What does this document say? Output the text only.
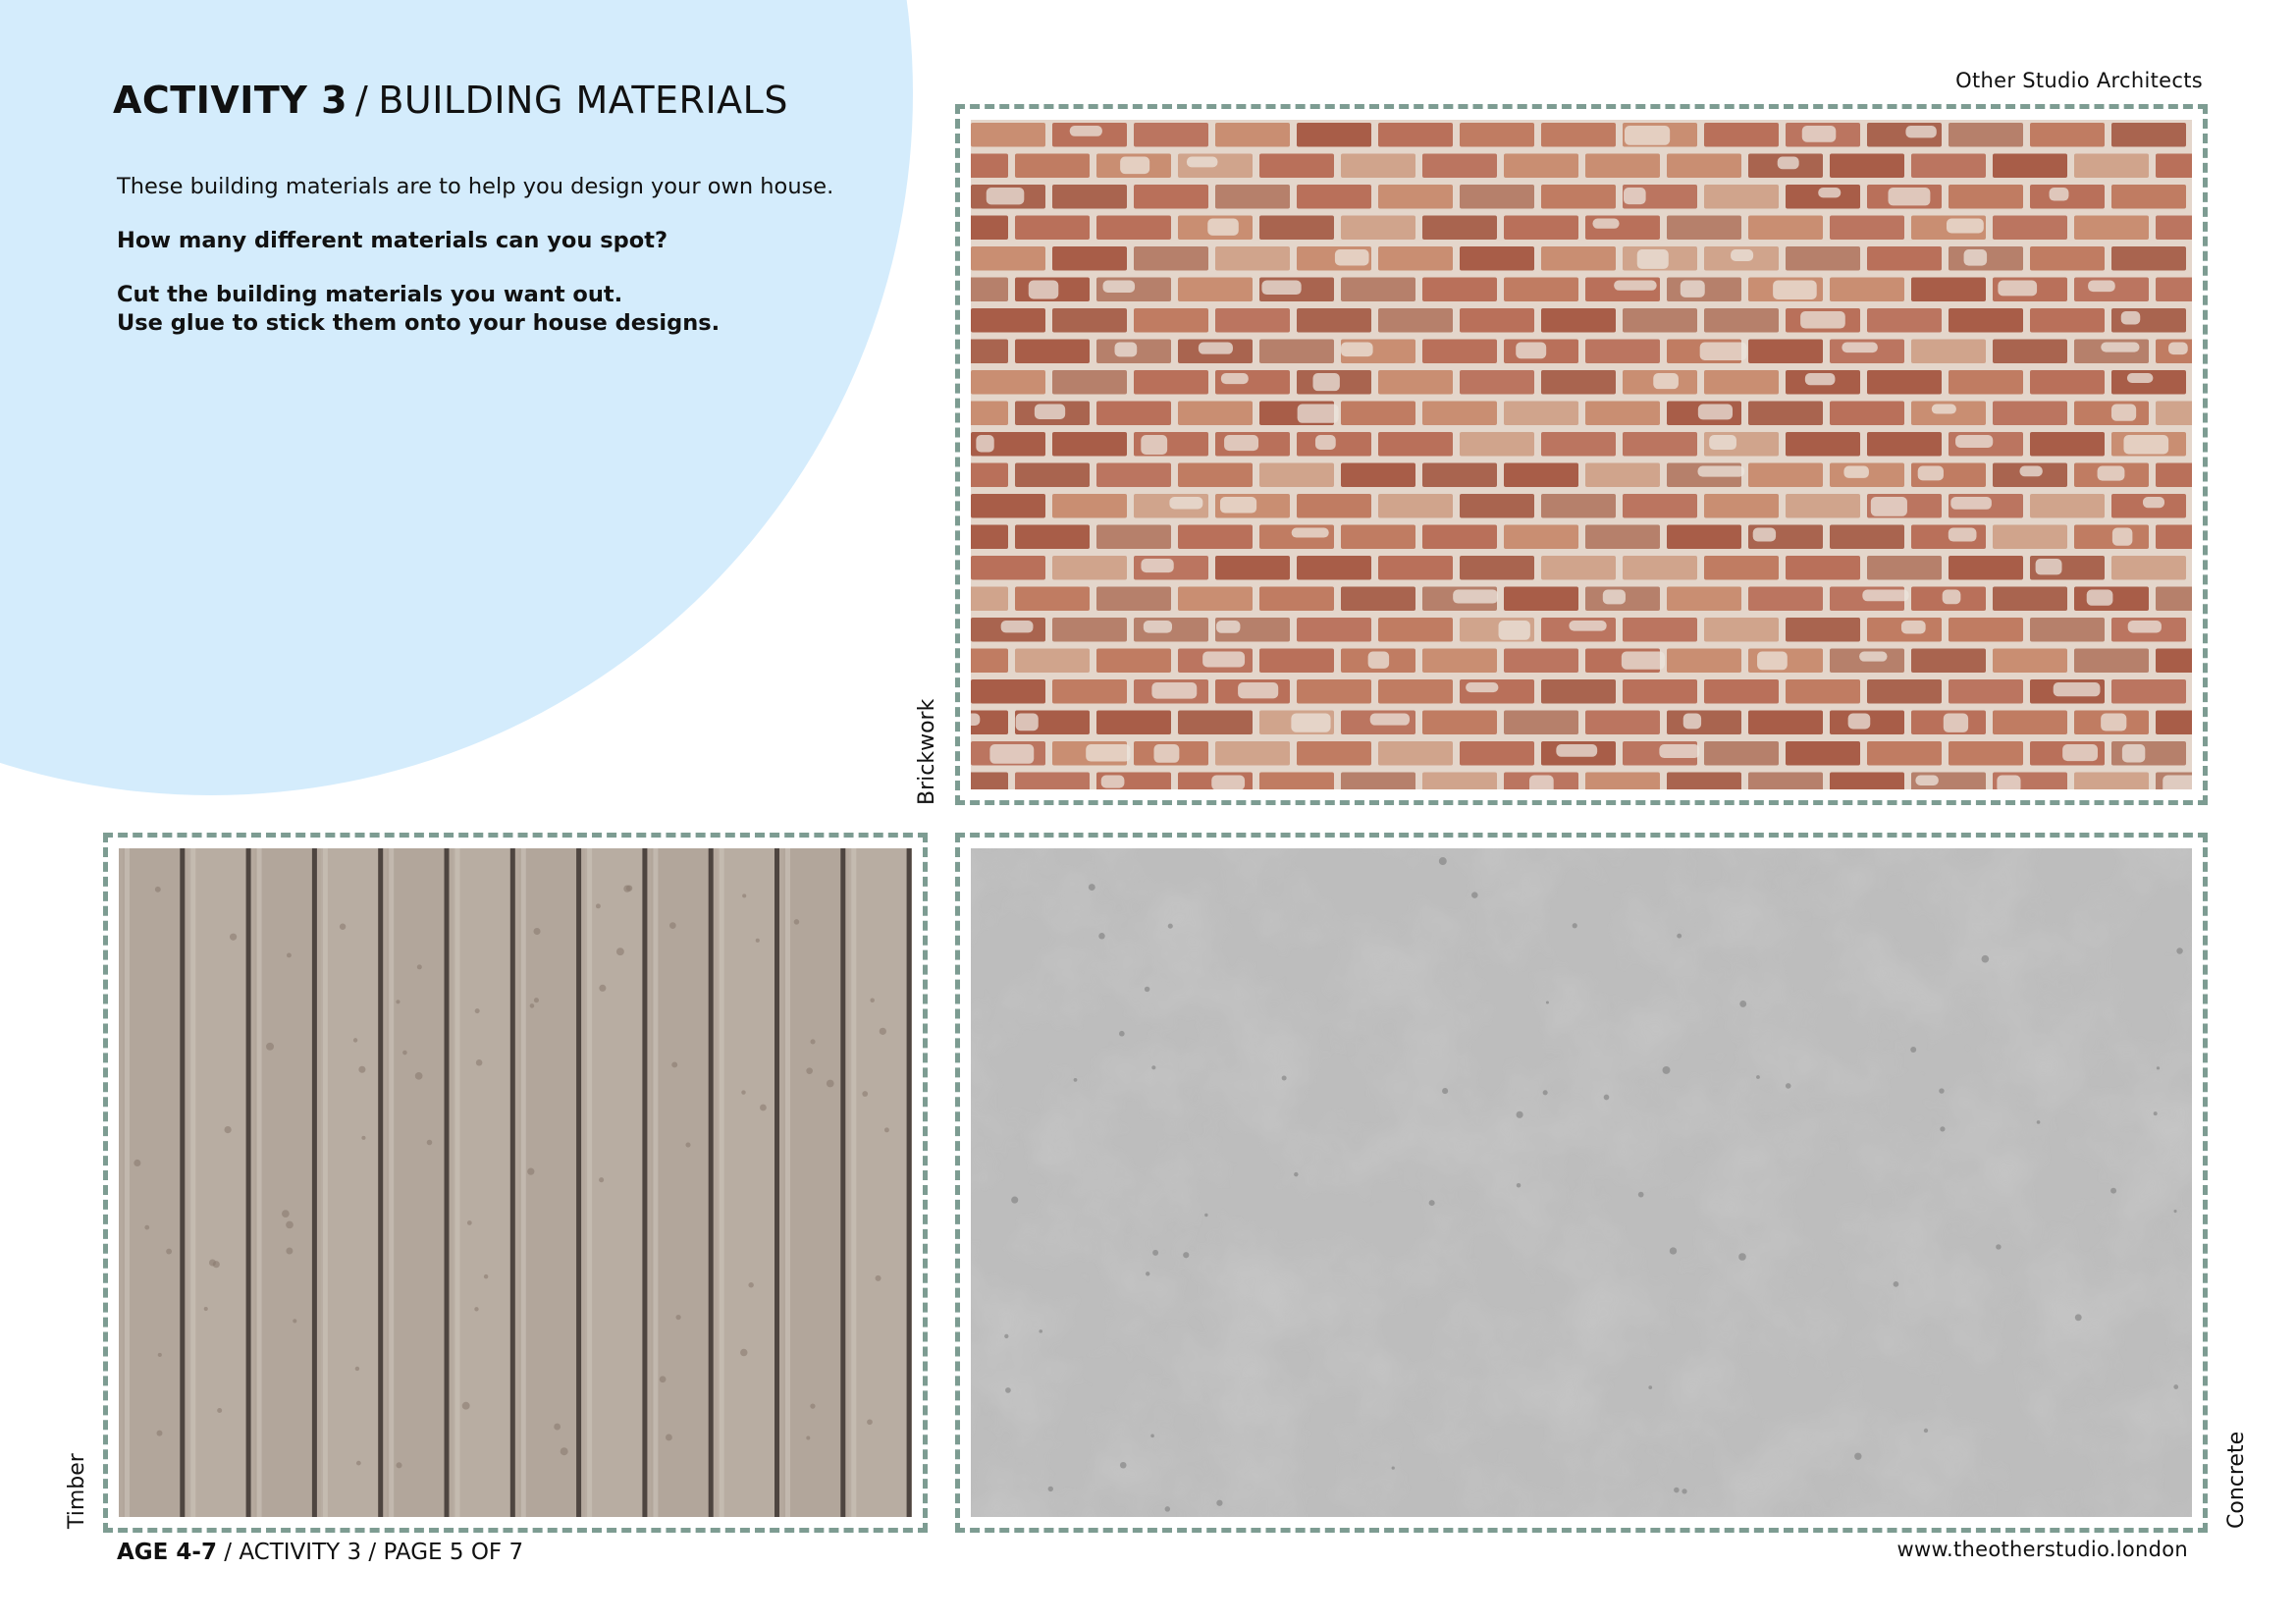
Other Studio Architects
ACTIVITY 3 / BUILDING MATERIALS

These building materials are to help you design your own house.

How many different materials can you spot?

Cut the building materials you want out.
Use glue to stick them onto your house designs.

Brickwork
Timber	Concrete
AGE 4-7 / ACTIVITY 3 / PAGE 5 OF 7	www.theotherstudio.london
